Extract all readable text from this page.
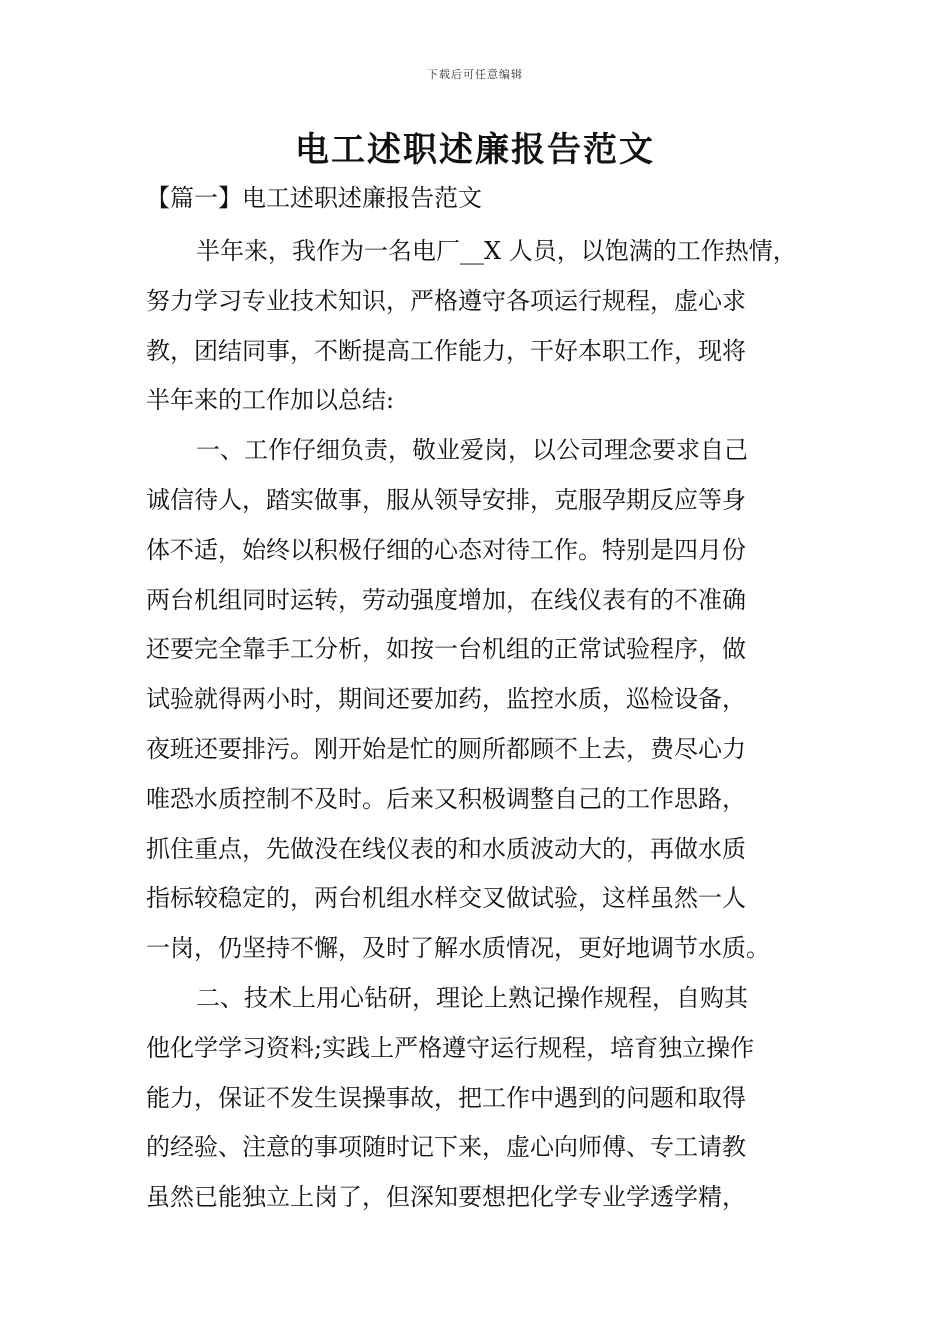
下载后可任意编辑
电工述职述廉报告范文
【篇一】电工述职述廉报告范文
半年来，我作为一名电厂__X 人员，以饱满的工作热情，
努力学习专业技术知识，严格遵守各项运行规程，虚心求
教，团结同事，不断提高工作能力，干好本职工作，现将
半年来的工作加以总结:
一、工作仔细负责，敬业爱岗，以公司理念要求自己
诚信待人，踏实做事，服从领导安排，克服孕期反应等身
体不适，始终以积极仔细的心态对待工作。特别是四月份
两台机组同时运转，劳动强度增加，在线仪表有的不准确
还要完全靠手工分析，如按一台机组的正常试验程序，做
试验就得两小时，期间还要加药，监控水质，巡检设备，
夜班还要排污。刚开始是忙的厕所都顾不上去，费尽心力
唯恐水质控制不及时。后来又积极调整自己的工作思路，
抓住重点，先做没在线仪表的和水质波动大的，再做水质
指标较稳定的，两台机组水样交叉做试验，这样虽然一人
一岗，仍坚持不懈，及时了解水质情况，更好地调节水质。
二、技术上用心钻研，理论上熟记操作规程，自购其
他化学学习资料;实践上严格遵守运行规程，培育独立操作
能力，保证不发生误操事故，把工作中遇到的问题和取得
的经验、注意的事项随时记下来，虚心向师傅、专工请教
虽然已能独立上岗了，但深知要想把化学专业学透学精，
